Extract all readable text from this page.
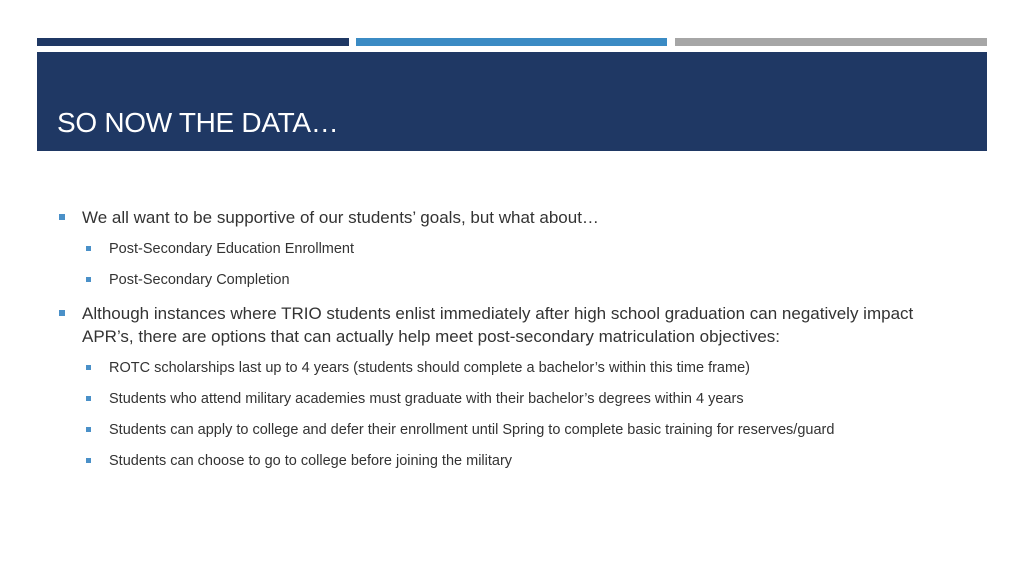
SO NOW THE DATA…
We all want to be supportive of our students’ goals, but what about…
Post-Secondary Education Enrollment
Post-Secondary Completion
Although instances where TRIO students enlist immediately after high school graduation can negatively impact APR’s, there are options that can actually help meet post-secondary matriculation objectives:
ROTC scholarships last up to 4 years (students should complete a bachelor’s within this time frame)
Students who attend military academies must graduate with their bachelor’s degrees within 4 years
Students can apply to college and defer their enrollment until Spring to complete basic training for reserves/guard
Students can choose to go to college before joining the military
